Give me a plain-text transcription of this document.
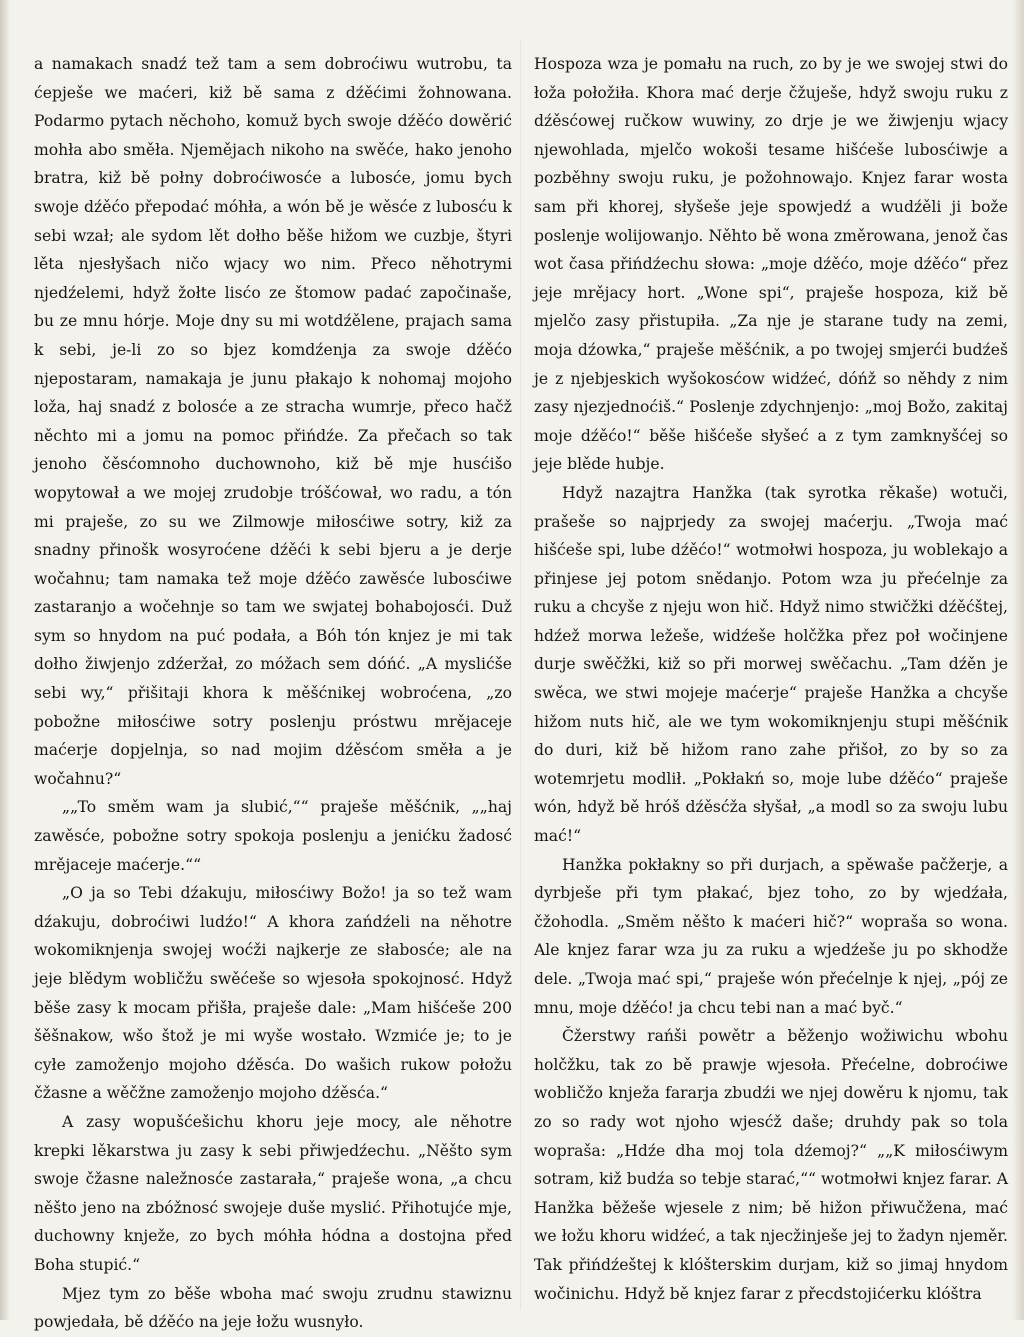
a namakach snadź tež tam a sem dobroćiwu wutrobu, ta ćepješe we maćeri, kiž bě sama z dźěćimi žohnowana. Podarmo pytach něchoho, komuž bych swoje dźěćo dowěrić mohła abo směła. Njemějach nikoho na swěće, hako jenoho bratra, kiž bě połny dobroćiwosće a lubosće, jomu bych swoje dźěćo přepodać móhła, a wón bě je wěsće z lubosću k sebi wzał; ale sydom lět dołho běše hižom we cuzbje, štyri lěta njesłyšach ničo wjacy wo nim. Přeco něhotrymi njedźelemi, hdyž žołte lisćo ze štomow padać započinaše, bu ze mnu hórje. Moje dny su mi wotdźělene, prajach sama k sebi, je-li zo so bjez komdźenja za swoje dźěćo njepostaram, namakaja je junu płakajo k nohomaj mojoho loža, haj snadź z bolosće a ze stracha wumrje, přeco hačž něchto mi a jomu na pomoc přińdźe. Za přečach so tak jenoho čěsćomnoho duchownoho, kiž bě mje husćišo wopytował a we mojej zrudobje tróšćował, wo radu, a tón mi praješe, zo su we Zilmowje miłosćiwe sotry, kiž za snadny přinošk wosyroćene dźěći k sebi bjeru a je derje wočahnu; tam namaka tež moje dźěćo zawěsće lubosćiwe zastaranjo a wočehnje so tam we swjatej bohabojosći. Duž sym so hnydom na puć podała, a Bóh tón knjez je mi tak dołho žiwjenjo zdźeržał, zo móžach sem dóńć. „A myslićše sebi wy,“ přišitaji khora k měšćnikej wobroćena, „zo pobožne miłosćiwe sotry poslenju próstwu mrějaceje maćerje dopjelnja, so nad mojim dźěsćom směła a je wočahnu?“

„„To směm wam ja slubić,““ praješe měšćnik, „„haj zawěsće, pobožne sotry spokoja poslenju a jenićku žadosć mrějaceje maćerje.““

„O ja so Tebi dźakuju, miłosćiwy Božo! ja so tež wam dźakuju, dobroćiwi ludźo!“ A khora zańdźeli na něhotre wokomiknjenja swojej woćži najkerje ze słabosće; ale na jeje blědym wobličžu swěćeše so wjesoła spokojnosć. Hdyž běše zasy k mocam přišła, praješe dale: „Mam hišćeše 200 šěšnakow, wšo štož je mi wyše wostało. Wzmiće je; to je cyłe zamoženjo mojoho dźěsća. Do wašich rukow połožu čžasne a wěčžne zamoženjo mojoho dźěsća.“

A zasy wopušćešichu khoru jeje mocy, ale něhotre krepki lěkarstwa ju zasy k sebi přiwjedźechu. „Něšto sym swoje čžasne naležnosće zastarała,“ praješe wona, „a chcu něšto jeno na zbóžnosć swojeje duše myslić. Přihotujće mje, duchowny knježe, zo bych móhła hódna a dostojna před Boha stupić.“

Mjez tym zo běše wboha mać swoju zrudnu stawiznu powjedała, bě dźěćo na jeje łožu wusnyło.

Hospoza wza je pomału na ruch, zo by je we swojej stwi do łoža połožiła. Khora mać derje čžuješe, hdyž swoju ruku z dźěsćowej ručkow wuwiny, zo drje je we žiwjenju wjacy njewohlada, mjelčo wokoši tesame hišćeše lubosćiwje a pozběhny swoju ruku, je požohnowajo. Knjez farar wosta sam při khorej, słyšeše jeje spowjedź a wudźěli ji bože poslenje wolijowanjo. Něhto bě wona změrowana, jenož čas wot časa přińdźechu słowa: „moje dźěćo, moje dźěćo“ přez jeje mrějacy hort. „Wone spi“, praješe hospoza, kiž bě mjelčo zasy přistupiła. „Za nje je starane tudy na zemi, moja dźowka,“ praješe měšćnik, a po twojej smjerći budźeš je z njebjeskich wyšokosćow widźeć, dóńž so něhdy z nim zasy njezjednoćiš.“ Poslenje zdychnjenjo: „moj Božo, zakitaj moje dźěćo!“ běše hišćeše słyšeć a z tym zamknyšćej so jeje blěde hubje.

Hdyž nazajtra Hanžka (tak syrotka rěkaše) wotuči, prašeše so najprjedy za swojej maćerju. „Twoja mać hišćeše spi, lube dźěćo!“ wotmołwi hospoza, ju woblekajo a přinjese jej potom snědanjo. Potom wza ju přećelnje za ruku a chcyše z njeju won hič. Hdyž nimo stwičžki dźěćštej, hdźež morwa ležeše, widźeše holčžka přez poł wočinjene durje swěčžki, kiž so při morwej swěčachu. „Tam dźěn je swěca, we stwi mojeje maćerje“ praješe Hanžka a chcyše hižom nuts hič, ale we tym wokomiknjenju stupi měšćnik do duri, kiž bě hižom rano zahe přišoł, zo by so za wotemrjetu modlił. „Pokłakń so, moje lube dźěćo“ praješe wón, hdyž bě hróš dźěsćža słyšał, „a modl so za swoju lubu mać!“

Hanžka pokłakny so při durjach, a spěwaše pačžerje, a dyrbješe při tym płakać, bjez toho, zo by wjedźała, čžohodla. „Směm něšto k maćeri hič?“ wopraša so wona. Ale knjez farar wza ju za ruku a wjedźeše ju po skhodže dele. „Twoja mać spi,“ praješe wón přećelnje k njej, „pój ze mnu, moje dźěćo! ja chcu tebi nan a mać byč.“

Čžerstwy rańši powětr a běženjo wožiwichu wbohu holčžku, tak zo bě prawje wjesoła. Přećelne, dobroćiwe wobličžo knježa fararja zbudźi we njej dowěru k njomu, tak zo so rady wot njoho wjesćž daše; druhdy pak so tola woprašа: „Hdźe dha moj tola dźemoj?“ „„K miłosćiwym sotram, kiž budźa so tebje starać,““ wotmołwi knjez farar. A Hanžka běžeše wjesele z nim; bě hižon přiwučžena, mać we łožu khoru widźeć, a tak njecžinješe jej to žadyn njeměr. Tak přińdźeštej k klóšterskim durjam, kiž so jimaj hnydom wočinichu. Hdyž bě knjez farar z přecdstojićerku klóštra
